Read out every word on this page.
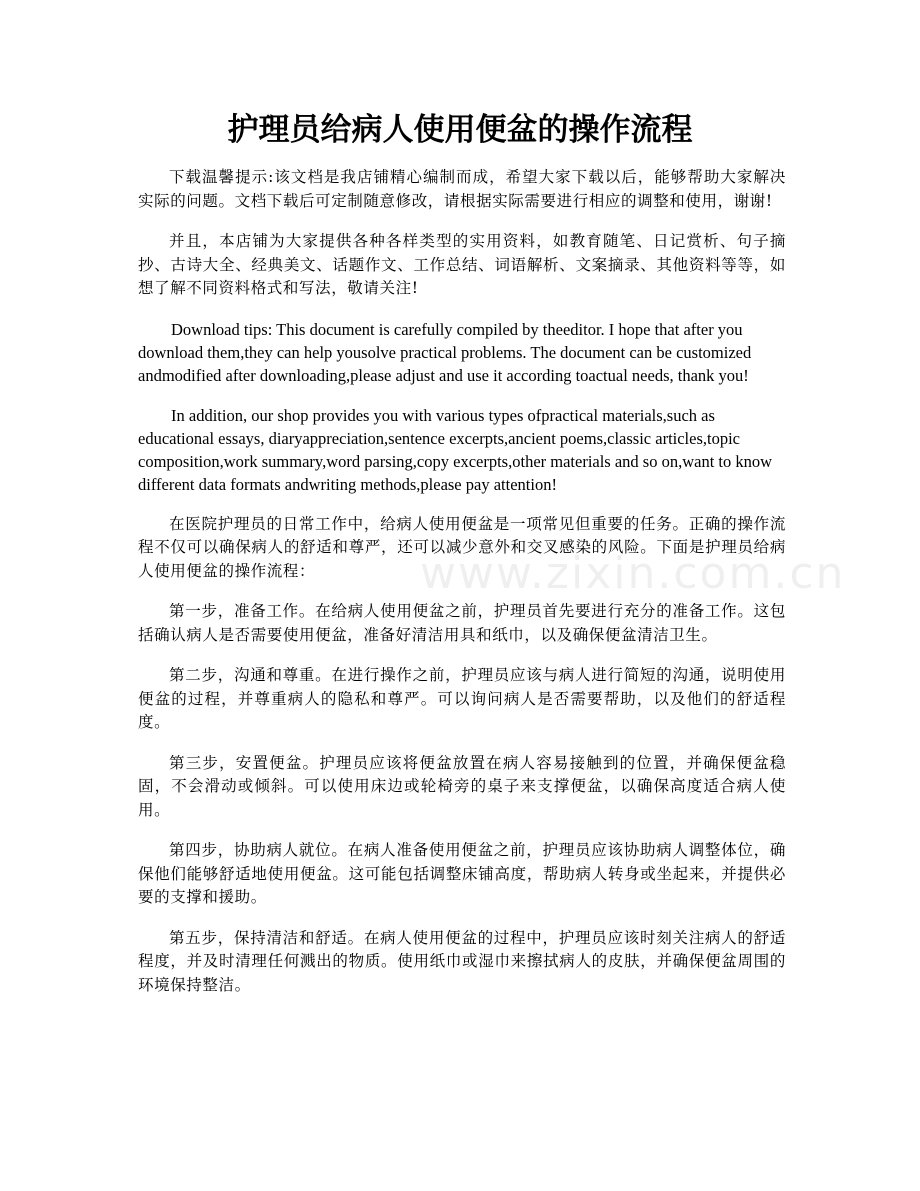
www.zixin.com.cn
护理员给病人使用便盆的操作流程

下载温馨提示:该文档是我店铺精心编制而成，希望大家下载以后，能够帮助大家解决实际的问题。文档下载后可定制随意修改，请根据实际需要进行相应的调整和使用，谢谢!

并且，本店铺为大家提供各种各样类型的实用资料，如教育随笔、日记赏析、句子摘抄、古诗大全、经典美文、话题作文、工作总结、词语解析、文案摘录、其他资料等等，如想了解不同资料格式和写法，敬请关注!

Download tips: This document is carefully compiled by theeditor. I hope that after you download them,they can help yousolve practical problems. The document can be customized andmodified after downloading,please adjust and use it according toactual needs, thank you!

In addition, our shop provides you with various types ofpractical materials,such as educational essays, diaryappreciation,sentence excerpts,ancient poems,classic articles,topic composition,work summary,word parsing,copy excerpts,other materials and so on,want to know different data formats andwriting methods,please pay attention!

在医院护理员的日常工作中，给病人使用便盆是一项常见但重要的任务。正确的操作流程不仅可以确保病人的舒适和尊严，还可以减少意外和交叉感染的风险。下面是护理员给病人使用便盆的操作流程：

第一步，准备工作。在给病人使用便盆之前，护理员首先要进行充分的准备工作。这包括确认病人是否需要使用便盆，准备好清洁用具和纸巾，以及确保便盆清洁卫生。

第二步，沟通和尊重。在进行操作之前，护理员应该与病人进行简短的沟通，说明使用便盆的过程，并尊重病人的隐私和尊严。可以询问病人是否需要帮助，以及他们的舒适程度。

第三步，安置便盆。护理员应该将便盆放置在病人容易接触到的位置，并确保便盆稳固，不会滑动或倾斜。可以使用床边或轮椅旁的桌子来支撑便盆，以确保高度适合病人使用。

第四步，协助病人就位。在病人准备使用便盆之前，护理员应该协助病人调整体位，确保他们能够舒适地使用便盆。这可能包括调整床铺高度，帮助病人转身或坐起来，并提供必要的支撑和援助。

第五步，保持清洁和舒适。在病人使用便盆的过程中，护理员应该时刻关注病人的舒适程度，并及时清理任何溅出的物质。使用纸巾或湿巾来擦拭病人的皮肤，并确保便盆周围的环境保持整洁。
